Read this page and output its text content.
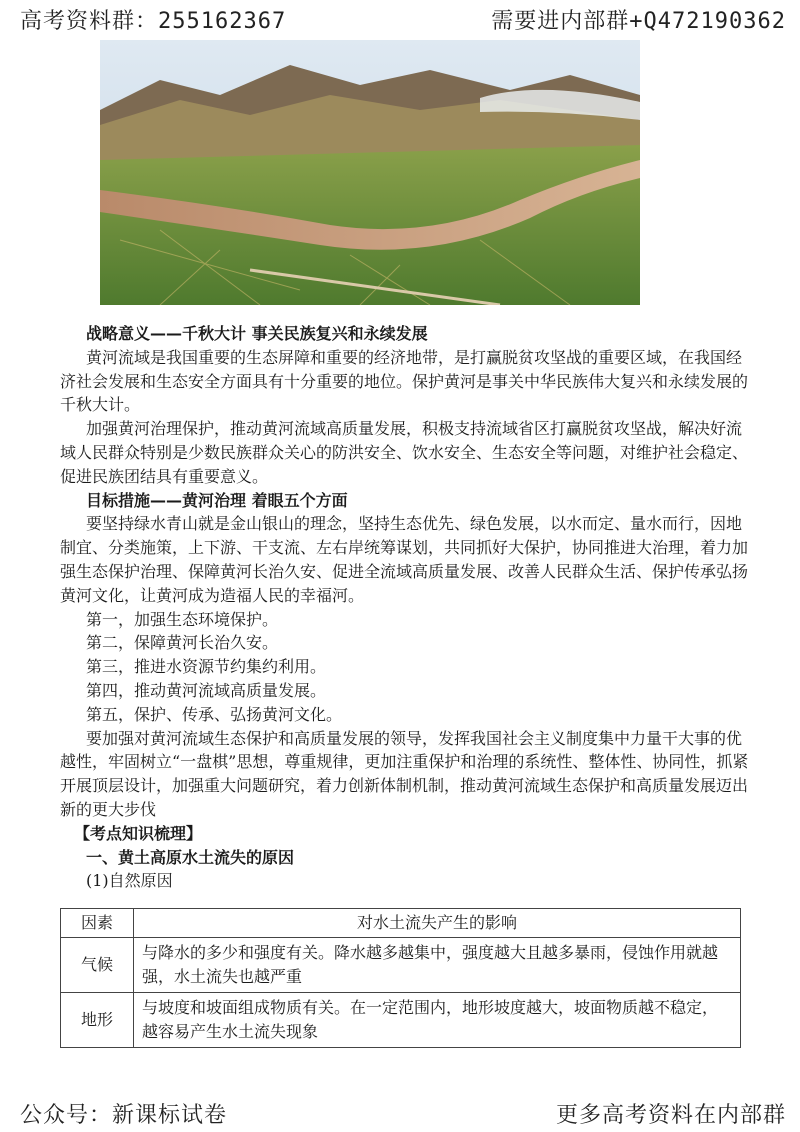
高考资料群：255162367	需要进内部群+Q472190362

战略意义——千秋大计 事关民族复兴和永续发展

黄河流域是我国重要的生态屏障和重要的经济地带，是打赢脱贫攻坚战的重要区域，在我国经济社会发展和生态安全方面具有十分重要的地位。保护黄河是事关中华民族伟大复兴和永续发展的千秋大计。

加强黄河治理保护，推动黄河流域高质量发展，积极支持流域省区打赢脱贫攻坚战，解决好流域人民群众特别是少数民族群众关心的防洪安全、饮水安全、生态安全等问题，对维护社会稳定、促进民族团结具有重要意义。

目标措施——黄河治理 着眼五个方面

要坚持绿水青山就是金山银山的理念，坚持生态优先、绿色发展，以水而定、量水而行，因地制宜、分类施策，上下游、干支流、左右岸统筹谋划，共同抓好大保护，协同推进大治理，着力加强生态保护治理、保障黄河长治久安、促进全流域高质量发展、改善人民群众生活、保护传承弘扬黄河文化，让黄河成为造福人民的幸福河。

第一，加强生态环境保护。

第二，保障黄河长治久安。

第三，推进水资源节约集约利用。

第四，推动黄河流域高质量发展。

第五，保护、传承、弘扬黄河文化。

要加强对黄河流域生态保护和高质量发展的领导，发挥我国社会主义制度集中力量干大事的优越性，牢固树立“一盘棋”思想，尊重规律，更加注重保护和治理的系统性、整体性、协同性，抓紧开展顶层设计，加强重大问题研究，着力创新体制机制，推动黄河流域生态保护和高质量发展迈出新的更大步伐

【考点知识梳理】

一、黄土高原水土流失的原因

(1)自然原因

因素	对水土流失产生的影响
气候	与降水的多少和强度有关。降水越多越集中，强度越大且越多暴雨，侵蚀作用就越强，水土流失也越严重
地形	与坡度和坡面组成物质有关。在一定范围内，地形坡度越大，坡面物质越不稳定，越容易产生水土流失现象
公众号：新课标试卷	更多高考资料在内部群
